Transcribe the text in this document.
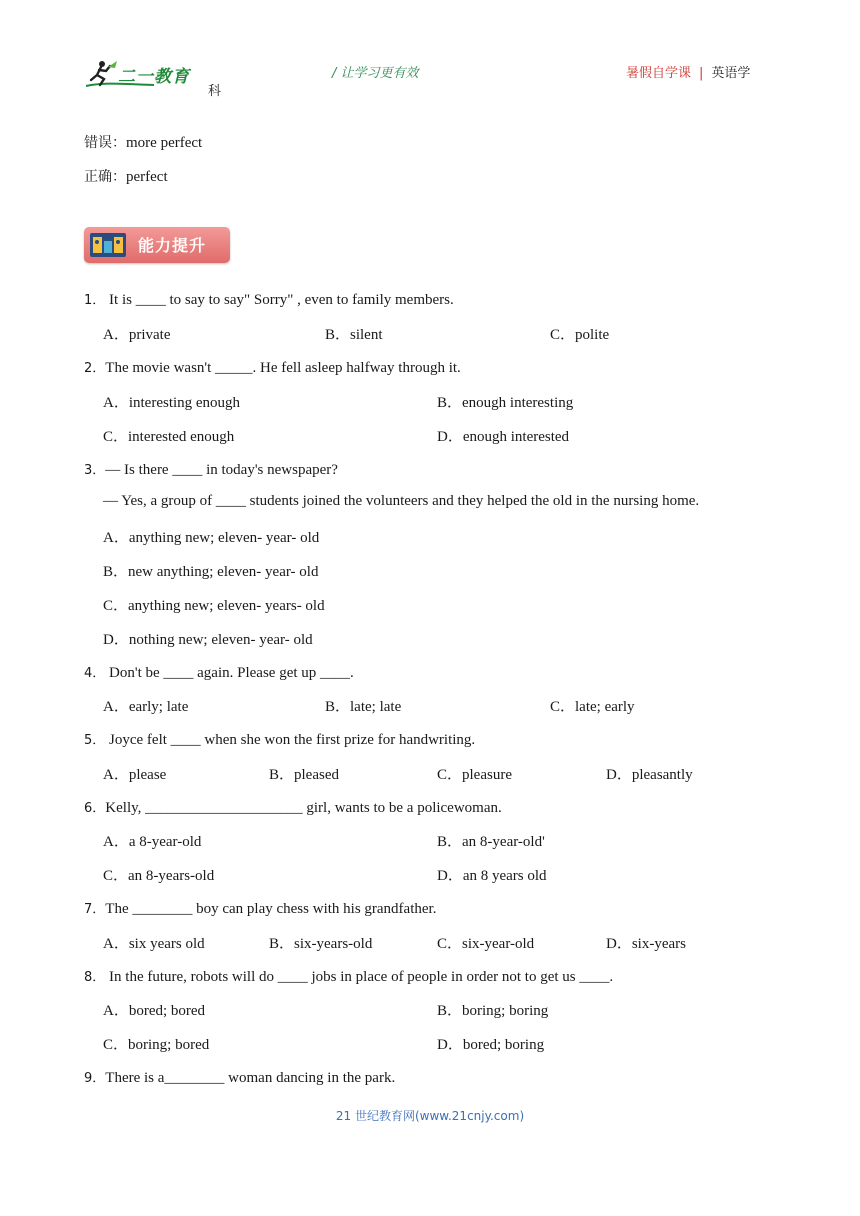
二一教育
科
/ 让学习更有效	暑假自学课 | 英语学
错误：more perfect
正确：perfect
能力提升
1． It is ____ to say to say" Sorry" , even to family members.
A．private	B．silent	C．polite
2．The movie wasn't _____. He fell asleep halfway through it.
A．interesting enough	B．enough interesting
C．interested enough	D．enough interested
3．— Is there ____ in today's newspaper?
— Yes, a group of ____ students joined the volunteers and they helped the old in the nursing home.
A．anything new; eleven- year- old
B．new anything; eleven- year- old
C．anything new; eleven- years- old
D．nothing new; eleven- year- old
4． Don't be ____ again. Please get up ____.
A．early; late	B．late; late	C．late; early
5． Joyce felt ____ when she won the first prize for handwriting.
A．please	B．pleased	C．pleasure	D．pleasantly
6．Kelly, _____________________ girl, wants to be a policewoman.
A．a 8-year-old	B．an 8-year-old'
C．an 8-years-old	D．an 8 years old
7．The ________ boy can play chess with his grandfather.
A．six years old	B．six-years-old	C．six-year-old	D．six-years
8． In the future, robots will do ____ jobs in place of people in order not to get us ____.
A．bored; bored	B．boring; boring
C．boring; bored	D．bored; boring
9．There is a________ woman dancing in the park.
21 世纪教育网(www.21cnjy.com)
